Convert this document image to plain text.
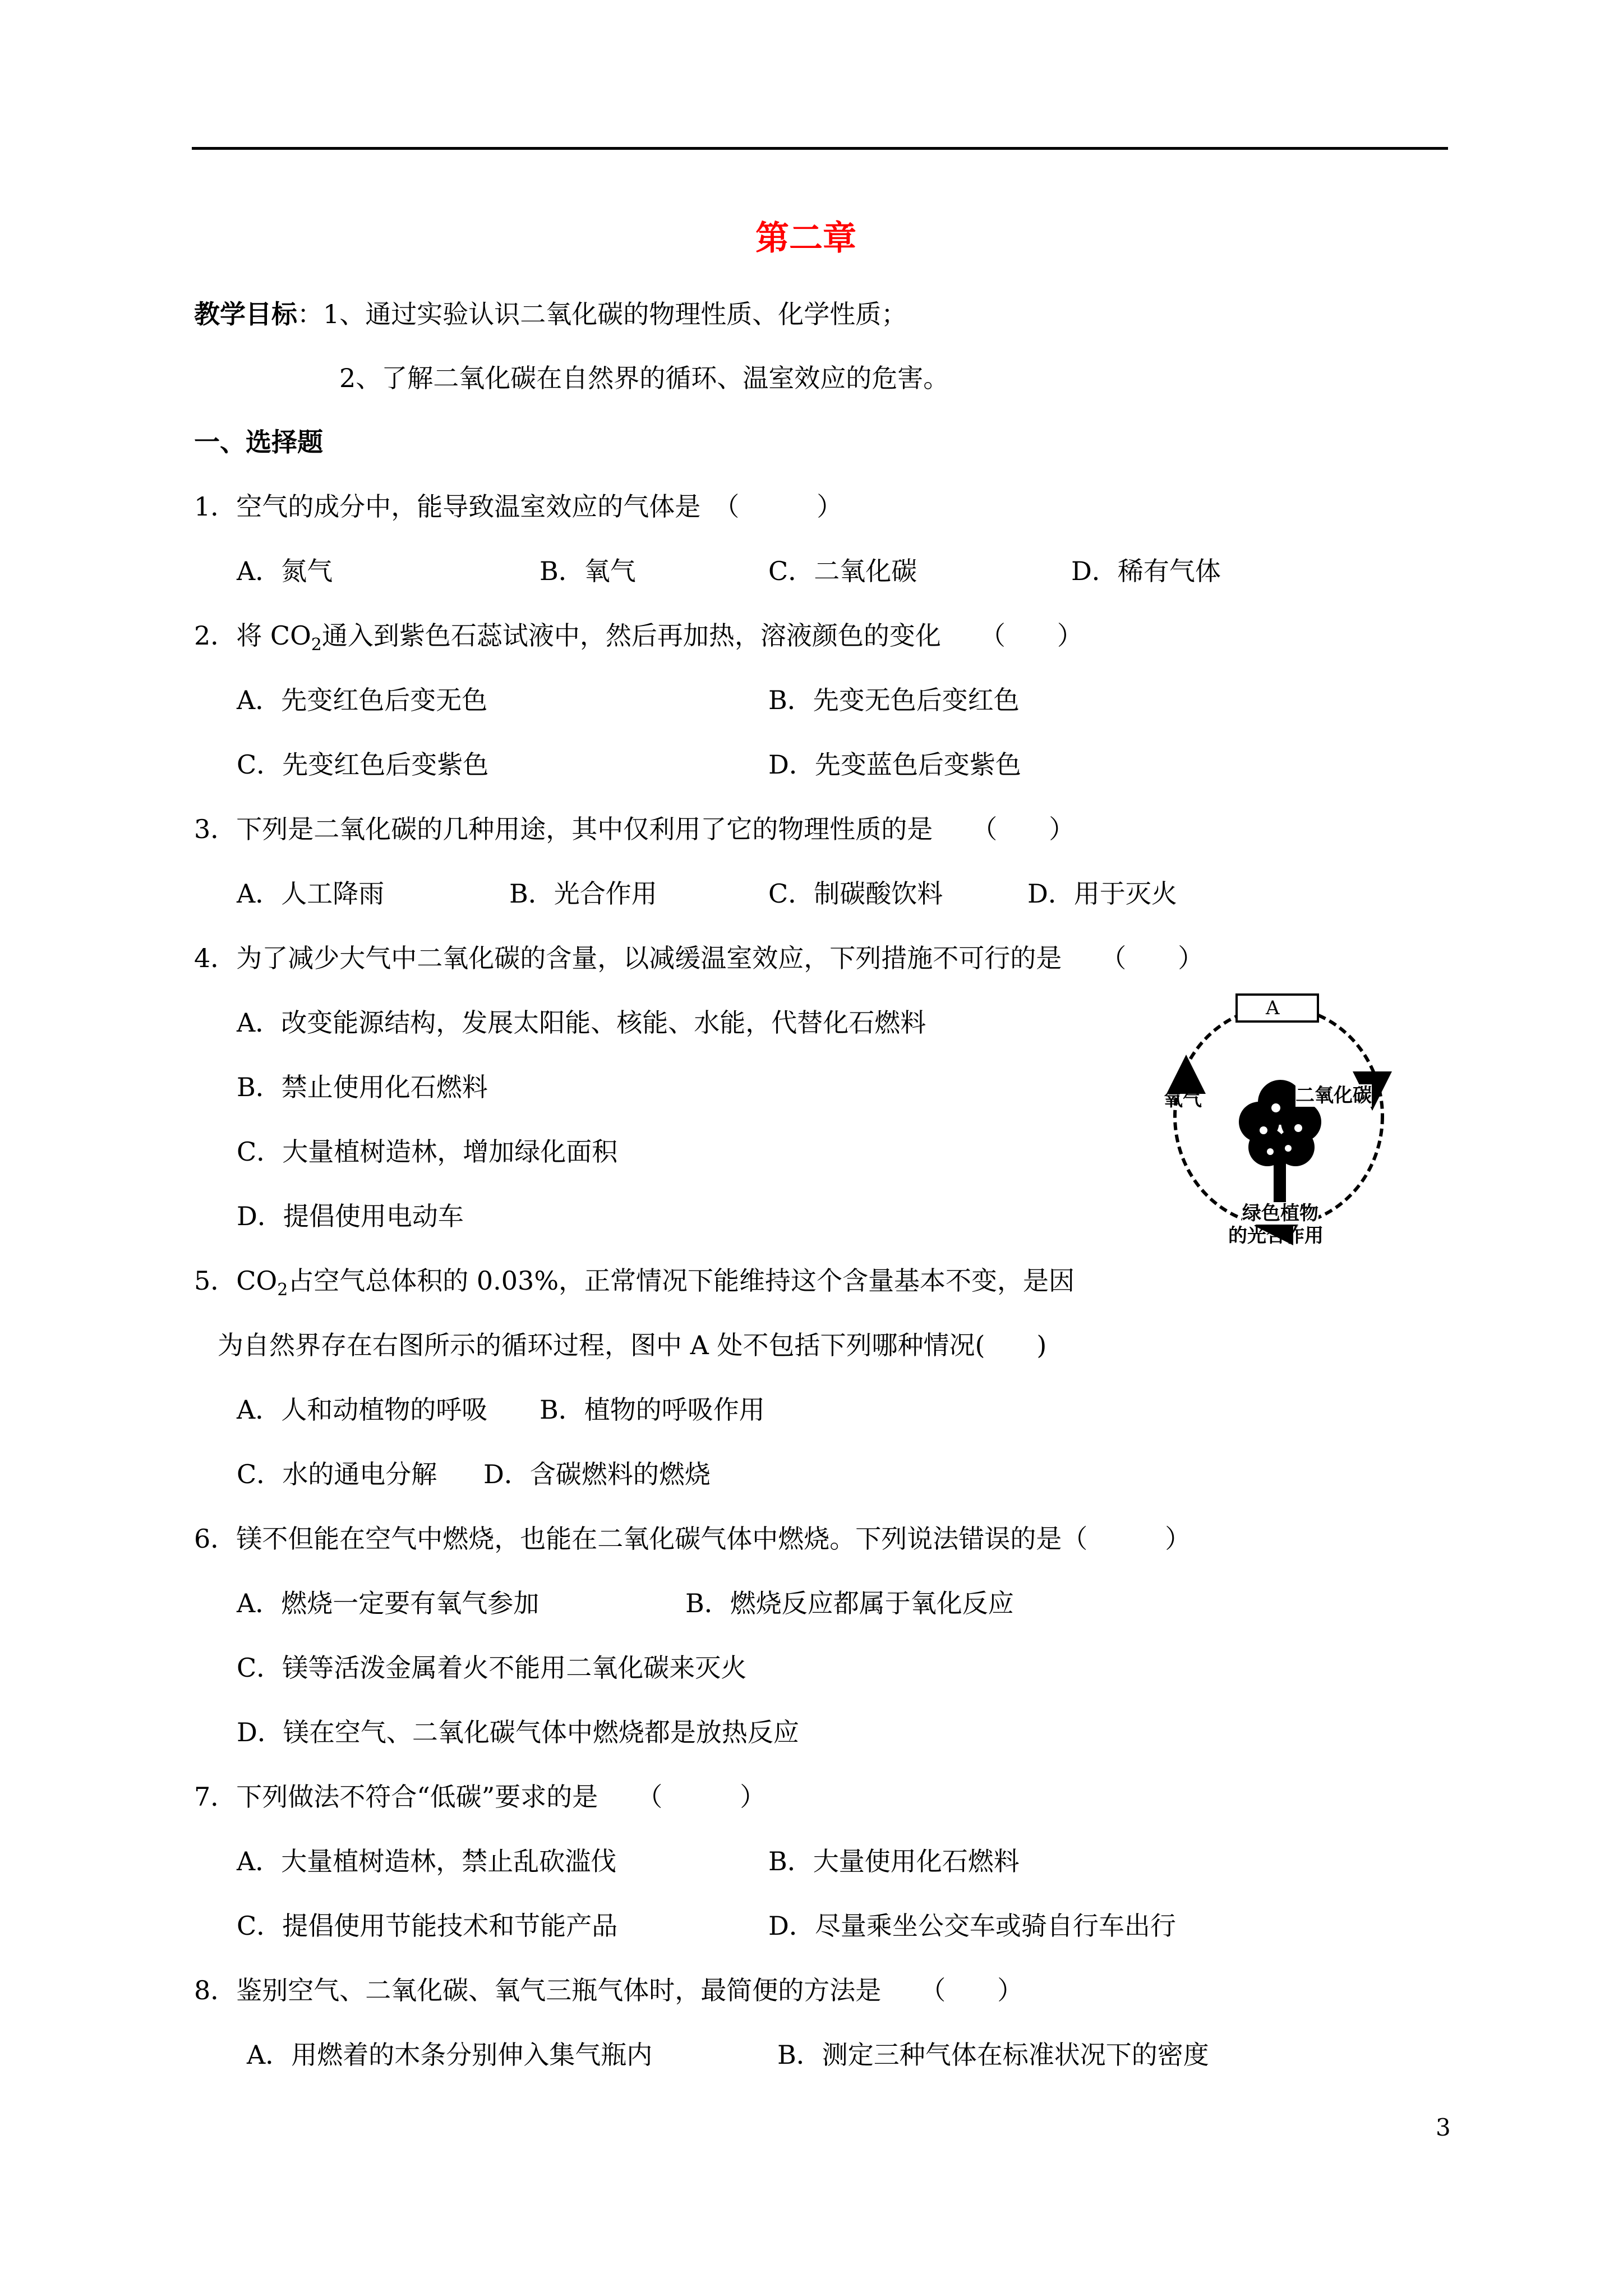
第二章
教学目标：1、通过实验认识二氧化碳的物理性质、化学性质；
2、了解二氧化碳在自然界的循环、温室效应的危害。
一、选择题
1．空气的成分中，能导致温室效应的气体是　（　　　）
A．氮气	B．氧气	C．二氧化碳	D．稀有气体
2．将 $CO_2$通入到紫色石蕊试液中，然后再加热，溶液颜色的变化　　（　　）
A．先变红色后变无色	B．先变无色后变红色
C．先变红色后变紫色	D．先变蓝色后变紫色
3．下列是二氧化碳的几种用途，其中仅利用了它的物理性质的是　　（　　）
A．人工降雨	B．光合作用	C．制碳酸饮料	D．用于灭火
4．为了减少大气中二氧化碳的含量，以减缓温室效应，下列措施不可行的是　　（　　）
A．改变能源结构，发展太阳能、核能、水能，代替化石燃料
B．禁止使用化石燃料
C．大量植树造林，增加绿化面积
D．提倡使用电动车
A
氧气	二氧化碳
绿色植物
的光合作用
5．$CO_2$占空气总体积的 0.03%，正常情况下能维持这个含量基本不变，是因
为自然界存在右图所示的循环过程，图中 A 处不包括下列哪种情况(　　)
A．人和动植物的呼吸 B．植物的呼吸作用
C．水的通电分解 D．含碳燃料的燃烧
6．镁不但能在空气中燃烧，也能在二氧化碳气体中燃烧。下列说法错误的是（　　　）
A．燃烧一定要有氧气参加	B．燃烧反应都属于氧化反应
C．镁等活泼金属着火不能用二氧化碳来灭火
D．镁在空气、二氧化碳气体中燃烧都是放热反应
7．下列做法不符合“低碳”要求的是　　（　　　）
A．大量植树造林，禁止乱砍滥伐	B．大量使用化石燃料
C．提倡使用节能技术和节能产品	D．尽量乘坐公交车或骑自行车出行
8．鉴别空气、二氧化碳、氧气三瓶气体时，最简便的方法是　　（　　）
A．用燃着的木条分别伸入集气瓶内	B．测定三种气体在标准状况下的密度
3
